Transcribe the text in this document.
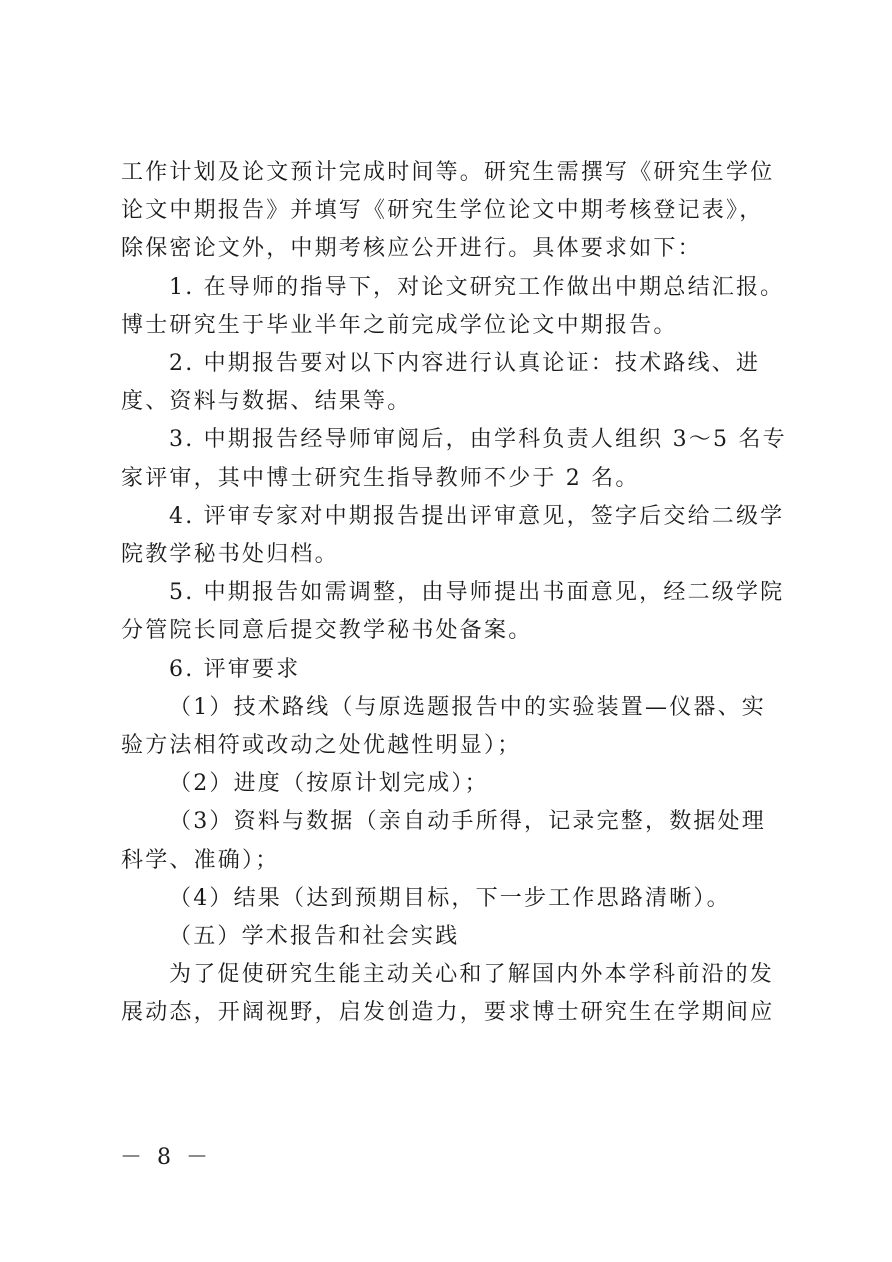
工作计划及论文预计完成时间等。研究生需撰写《研究生学位
论文中期报告》并填写《研究生学位论文中期考核登记表》，
除保密论文外，中期考核应公开进行。具体要求如下：

1. 在导师的指导下，对论文研究工作做出中期总结汇报。
博士研究生于毕业半年之前完成学位论文中期报告。

2. 中期报告要对以下内容进行认真论证：技术路线、进
度、资料与数据、结果等。

3. 中期报告经导师审阅后，由学科负责人组织 3～5 名专
家评审，其中博士研究生指导教师不少于 2 名。

4. 评审专家对中期报告提出评审意见，签字后交给二级学
院教学秘书处归档。

5. 中期报告如需调整，由导师提出书面意见，经二级学院
分管院长同意后提交教学秘书处备案。

6. 评审要求

（1）技术路线（与原选题报告中的实验装置—仪器、实
验方法相符或改动之处优越性明显）；

（2）进度（按原计划完成）；

（3）资料与数据（亲自动手所得，记录完整，数据处理
科学、准确）；

（4）结果（达到预期目标，下一步工作思路清晰）。

（五）学术报告和社会实践

为了促使研究生能主动关心和了解国内外本学科前沿的发
展动态，开阔视野，启发创造力，要求博士研究生在学期间应

－ 8 －
